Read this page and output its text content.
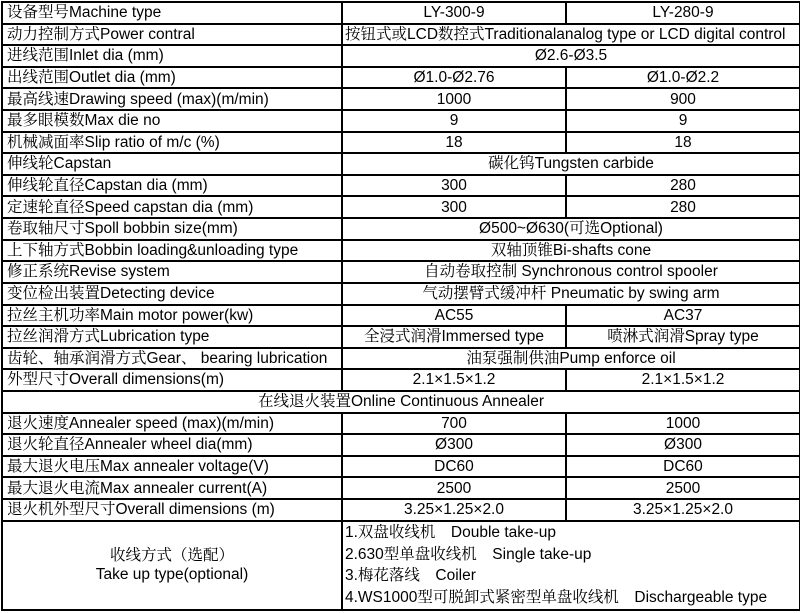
设备型号Machine type	LY-300-9	LY-280-9
动力控制方式Power contral	按钮式或LCD数控式Traditionalanalog type or LCD digital control	
进线范围Inlet dia (mm)	Ø2.6-Ø3.5	
出线范围Outlet dia (mm)	Ø1.0-Ø2.76	Ø1.0-Ø2.2
最高线速Drawing speed (max)(m/min)	1000	900
最多眼模数Max die no	9	9
机械减面率Slip ratio of m/c (%)	18	18
伸线轮Capstan	碳化钨Tungsten carbide	
伸线轮直径Capstan dia (mm)	300	280
定速轮直径Speed capstan dia (mm)	300	280
卷取轴尺寸Spoll bobbin size(mm)	Ø500~Ø630(可选Optional)	
上下轴方式Bobbin loading&unloading type	双轴顶锥Bi-shafts cone	
修正系统Revise system	自动卷取控制 Synchronous control spooler	
变位检出装置Detecting device	气动摆臂式缓冲杆 Pneumatic by swing arm	
拉丝主机功率Main motor power(kw)	AC55	AC37
拉丝润滑方式Lubrication type	全浸式润滑Immersed type	喷淋式润滑Spray type
齿轮、轴承润滑方式Gear、 bearing lubrication	油泵强制供油Pump enforce oil	
外型尺寸Overall dimensions(m)	2.1×1.5×1.2	2.1×1.5×1.2
在线退火装置Online Continuous Annealer		
退火速度Annealer speed (max)(m/min)	700	1000
退火轮直径Annealer wheel dia(mm)	Ø300	Ø300
最大退火电压Max annealer voltage(V)	DC60	DC60
最大退火电流Max annealer current(A)	2500	2500
退火机外型尺寸Overall dimensions (m)	3.25×1.25×2.0	3.25×1.25×2.0

收线方式（选配）
Take up type(optional)

1.双盘收线机　Double take-up
2.630型单盘收线机　Single take-up
3.梅花落线　Coiler
4.WS1000型可脱卸式紧密型单盘收线机　Dischargeable type
